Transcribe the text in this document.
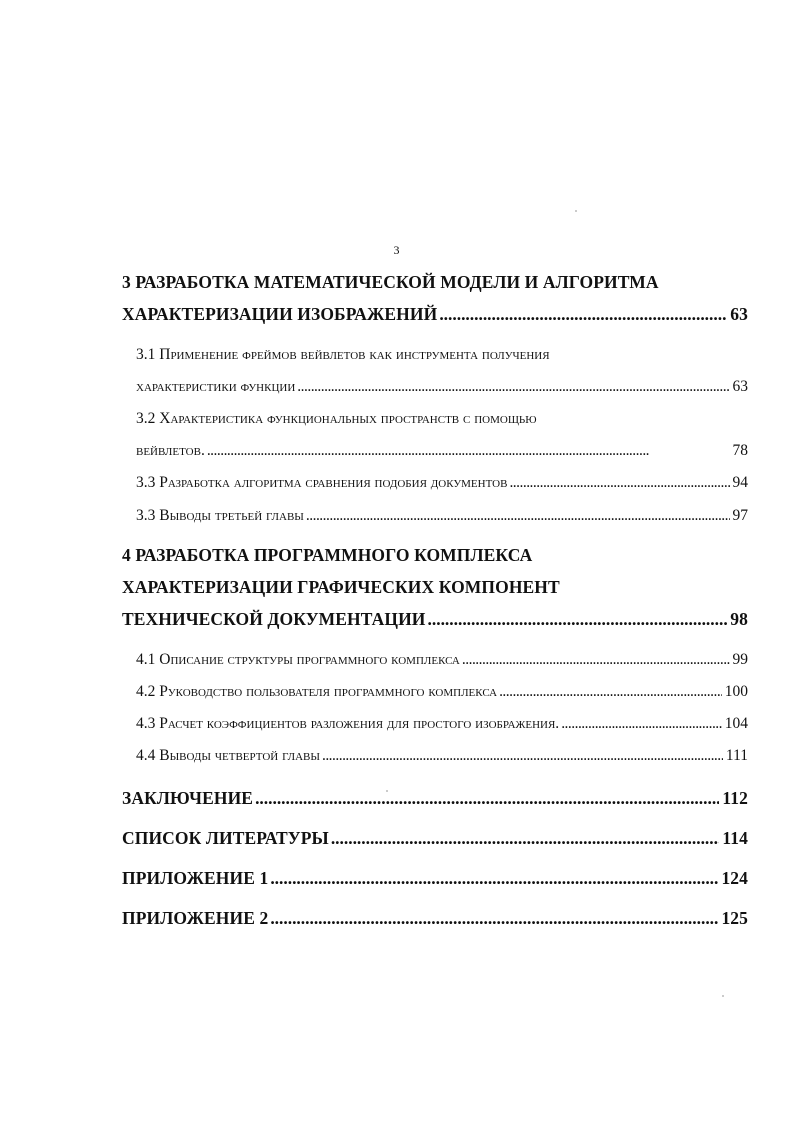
3
3 РАЗРАБОТКА МАТЕМАТИЧЕСКОЙ МОДЕЛИ И АЛГОРИТМА
ХАРАКТЕРИЗАЦИИ ИЗОБРАЖЕНИЙ . . .	63
3.1 Применение фреймов вейвлетов как инструмента получения
характеристики функции . . .	63
3.2 Характеристика функциональных пространств с помощью
вейвлетов. . . .	78
3.3 Разработка алгоритма сравнения подобия документов . . .	94
3.3 Выводы третьей главы . . .	97
4 РАЗРАБОТКА ПРОГРАММНОГО КОМПЛЕКСА
ХАРАКТЕРИЗАЦИИ ГРАФИЧЕСКИХ КОМПОНЕНТ
ТЕХНИЧЕСКОЙ ДОКУМЕНТАЦИИ . . .	98
4.1 Описание структуры программного комплекса . . .	99
4.2 Руководство пользователя программного комплекса . . .	100
4.3 Расчет коэффициентов разложения для простого изображения. . . .	104
4.4 Выводы четвертой главы . . .	111
ЗАКЛЮЧЕНИЕ . . .	112
СПИСОК ЛИТЕРАТУРЫ . . .	114
ПРИЛОЖЕНИЕ 1 . . .	124
ПРИЛОЖЕНИЕ 2 . . .	125
